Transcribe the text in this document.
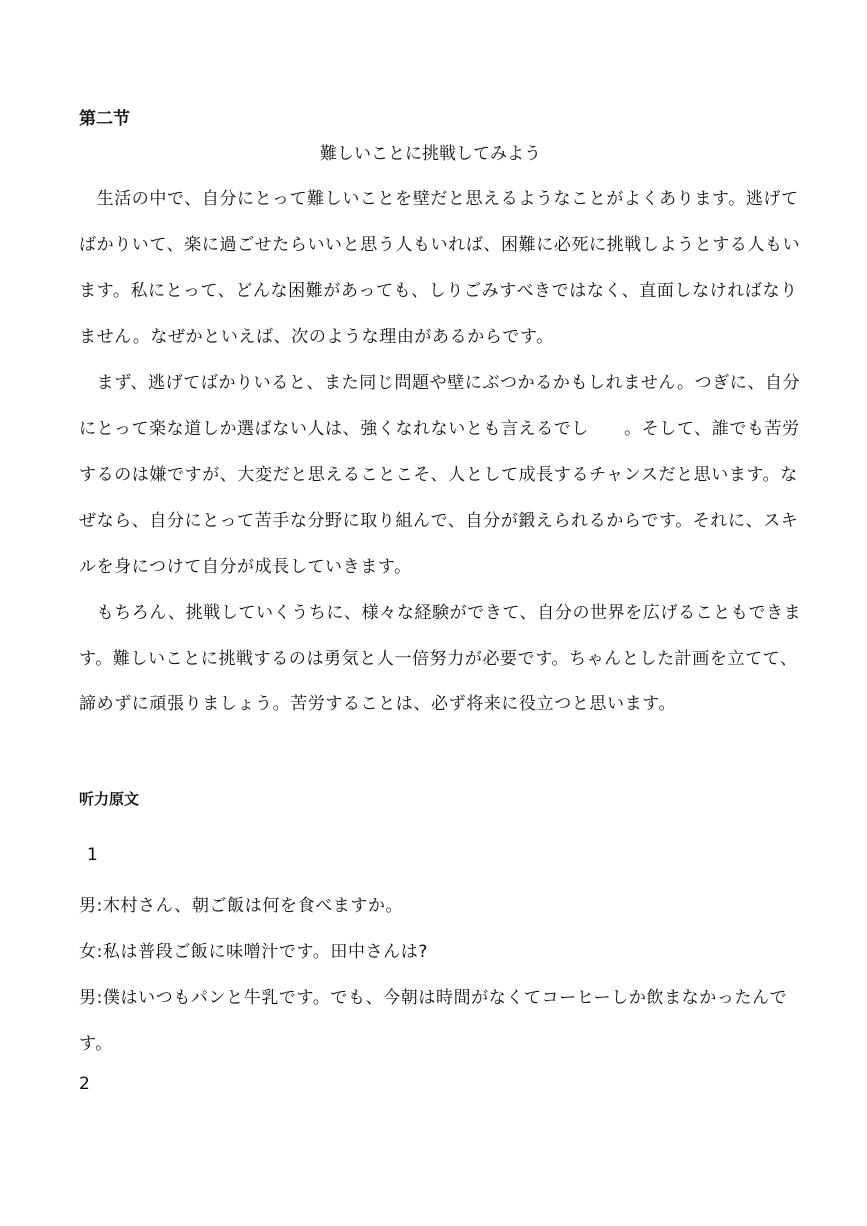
第二节
難しいことに挑戦してみよう
　生活の中で、自分にとって難しいことを壁だと思えるようなことがよくあります。逃げて
ばかりいて、楽に過ごせたらいいと思う人もいれば、困難に必死に挑戦しようとする人もい
ます。私にとって、どんな困難があっても、しりごみすべきではなく、直面しなければなり
ません。なぜかといえば、次のような理由があるからです。
　まず、逃げてばかりいると、また同じ問題や壁にぶつかるかもしれません。つぎに、自分
にとって楽な道しか選ばない人は、強くなれないとも言えるでし　　。そして、誰でも苦労
するのは嫌ですが、大変だと思えることこそ、人として成長するチャンスだと思います。な
ぜなら、自分にとって苦手な分野に取り組んで、自分が鍛えられるからです。それに、スキ
ルを身につけて自分が成長していきます。
　もちろん、挑戦していくうちに、様々な経験ができて、自分の世界を広げることもできま
す。難しいことに挑戦するのは勇気と人一倍努力が必要です。ちゃんとした計画を立てて、
諦めずに頑張りましょう。苦労することは、必ず将来に役立つと思います。
听力原文
1
男:木村さん、朝ご飯は何を食べますか。
女:私は普段ご飯に味噌汁です。田中さんは?
男:僕はいつもパンと牛乳です。でも、今朝は時間がなくてコーヒーしか飲まなかったんで
す。
2
